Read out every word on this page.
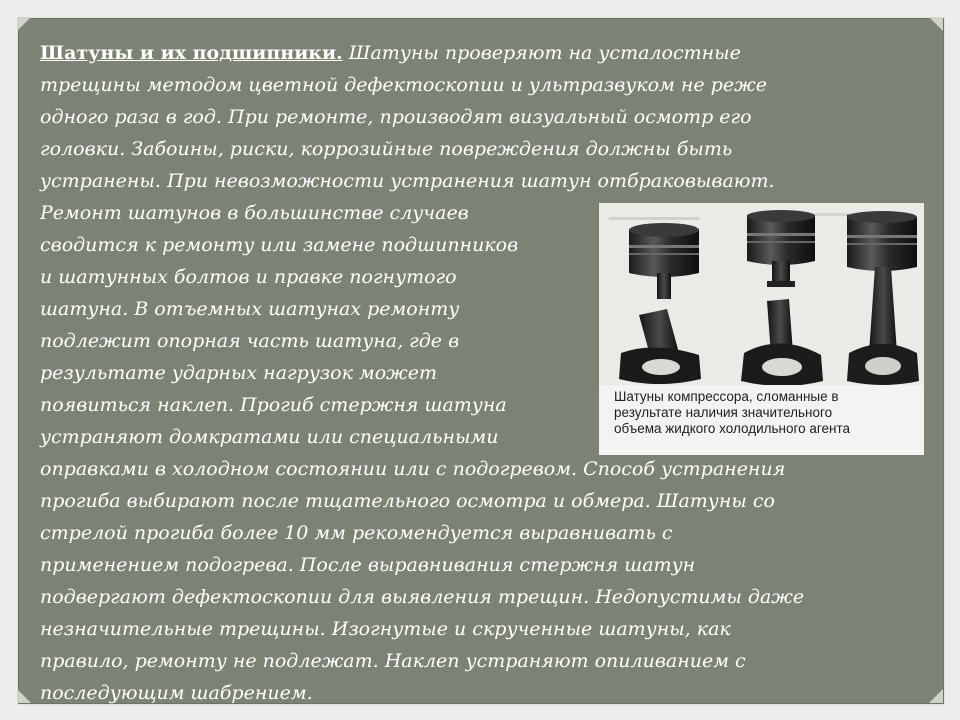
Шатуны и их подшипники. Шатуны проверяют на усталостные

трещины методом цветной дефектоскопии и ультразвуком не реже

одного раза в год. При ремонте, производят визуальный осмотр его

головки. Забоины, риски, коррозийные повреждения должны быть

устранены. При невозможности устранения шатун отбраковывают.

Ремонт шатунов в большинстве случаев

сводится к ремонту или замене подшипников

и шатунных болтов и правке погнутого

шатуна. В отъемных шатунах ремонту

подлежит опорная часть шатуна, где в

результате ударных нагрузок может

появиться наклеп. Прогиб стержня шатуна

устраняют домкратами или специальными

оправками в холодном состоянии или с подогревом. Способ устранения

прогиба выбирают после тщательного осмотра и обмера. Шатуны со

стрелой прогиба более 10 мм рекомендуется выравнивать с

применением подогрева. После выравнивания стержня шатун

подвергают дефектоскопии для выявления трещин. Недопустимы даже

незначительные трещины. Изогнутые и скрученные шатуны, как

правило, ремонту не подлежат. Наклеп устраняют опиливанием с

последующим шабрением.

Шатуны компрессора, сломанные в
результате наличия значительного
объема жидкого холодильного агента
